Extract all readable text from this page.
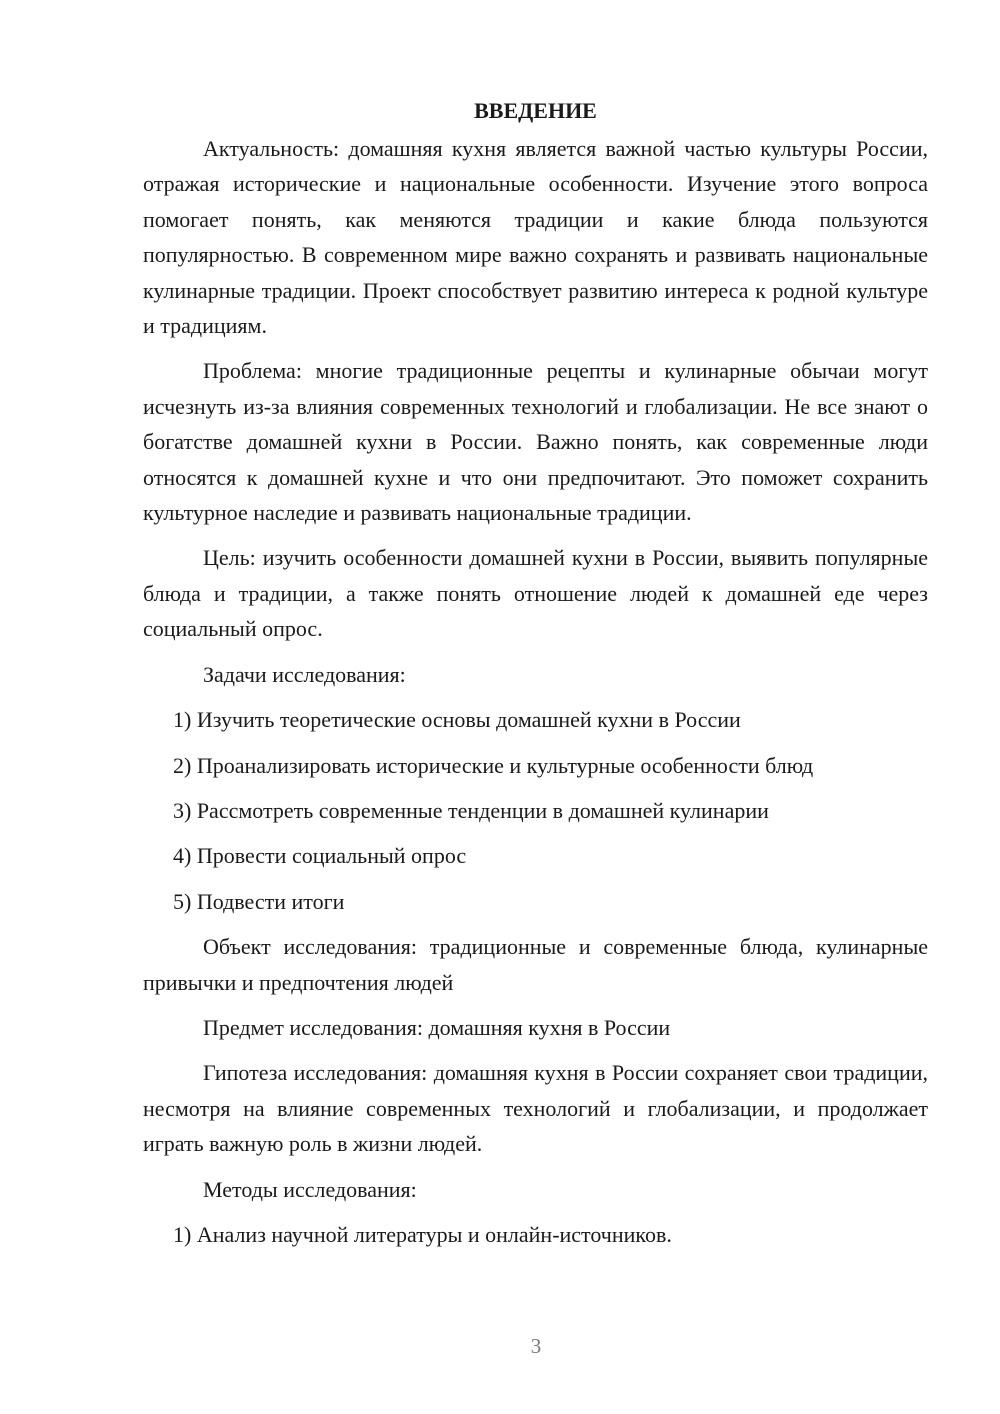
ВВЕДЕНИЕ

Актуальность: домашняя кухня является важной частью культуры России, отражая исторические и национальные особенности. Изучение этого вопроса помогает понять, как меняются традиции и какие блюда пользуются популярностью. В современном мире важно сохранять и развивать национальные кулинарные традиции. Проект способствует развитию интереса к родной культуре и традициям.

Проблема: многие традиционные рецепты и кулинарные обычаи могут исчезнуть из-за влияния современных технологий и глобализации. Не все знают о богатстве домашней кухни в России. Важно понять, как современные люди относятся к домашней кухне и что они предпочитают. Это поможет сохранить культурное наследие и развивать национальные традиции.

Цель: изучить особенности домашней кухни в России, выявить популярные блюда и традиции, а также понять отношение людей к домашней еде через социальный опрос.

Задачи исследования:

1) Изучить теоретические основы домашней кухни в России

2) Проанализировать исторические и культурные особенности блюд

3) Рассмотреть современные тенденции в домашней кулинарии

4) Провести социальный опрос

5) Подвести итоги

Объект исследования: традиционные и современные блюда, кулинарные привычки и предпочтения людей

Предмет исследования: домашняя кухня в России

Гипотеза исследования: домашняя кухня в России сохраняет свои традиции, несмотря на влияние современных технологий и глобализации, и продолжает играть важную роль в жизни людей.

Методы исследования:

1) Анализ научной литературы и онлайн-источников.

3
